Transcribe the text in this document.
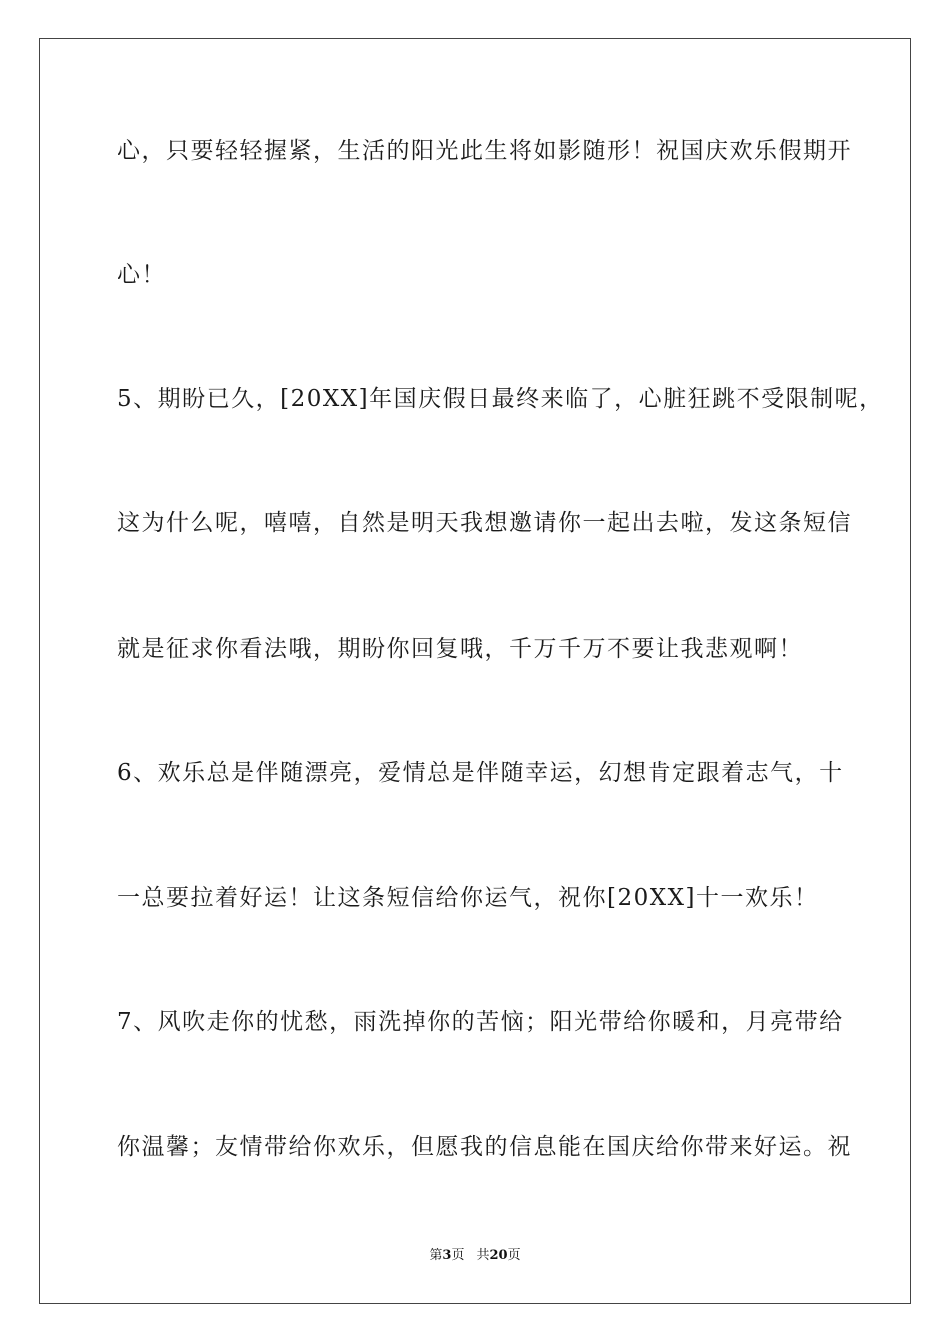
心，只要轻轻握紧，生活的阳光此生将如影随形！祝国庆欢乐假期开
心！
5、期盼已久，[20XX]年国庆假日最终来临了，心脏狂跳不受限制呢，
这为什么呢，嘻嘻，自然是明天我想邀请你一起出去啦，发这条短信
就是征求你看法哦，期盼你回复哦，千万千万不要让我悲观啊！
6、欢乐总是伴随漂亮，爱情总是伴随幸运，幻想肯定跟着志气，十
一总要拉着好运！让这条短信给你运气，祝你[20XX]十一欢乐！
7、风吹走你的忧愁，雨洗掉你的苦恼；阳光带给你暖和，月亮带给
你温馨；友情带给你欢乐，但愿我的信息能在国庆给你带来好运。祝
第3页 共20页
